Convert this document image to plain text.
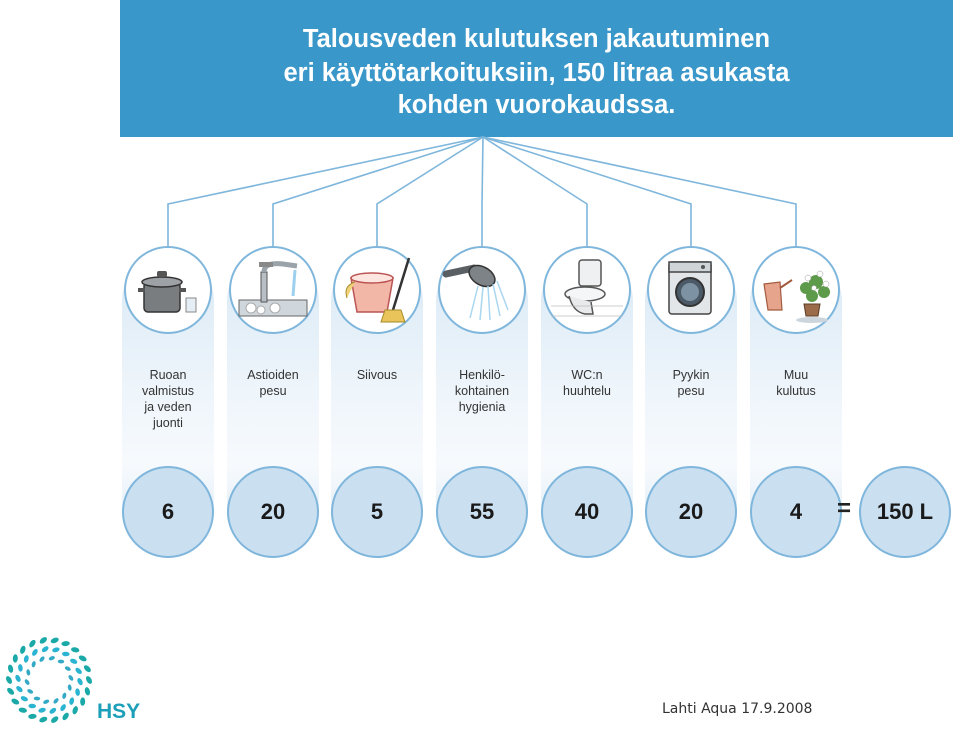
Talousveden kulutuksen jakautuminen
eri käyttötarkoituksiin, 150 litraa asukasta
kohden vuorokaudssa.
Ruoan
valmistus
ja veden
juonti
6
Astioiden
pesu
20
Siivous
5
Henkilö-
kohtainen
hygienia
55
WC:n
huuhtelu
40
Pyykin
pesu
20
Muu
kulutus
4	=	150 L
HSY	Lahti Aqua 17.9.2008
